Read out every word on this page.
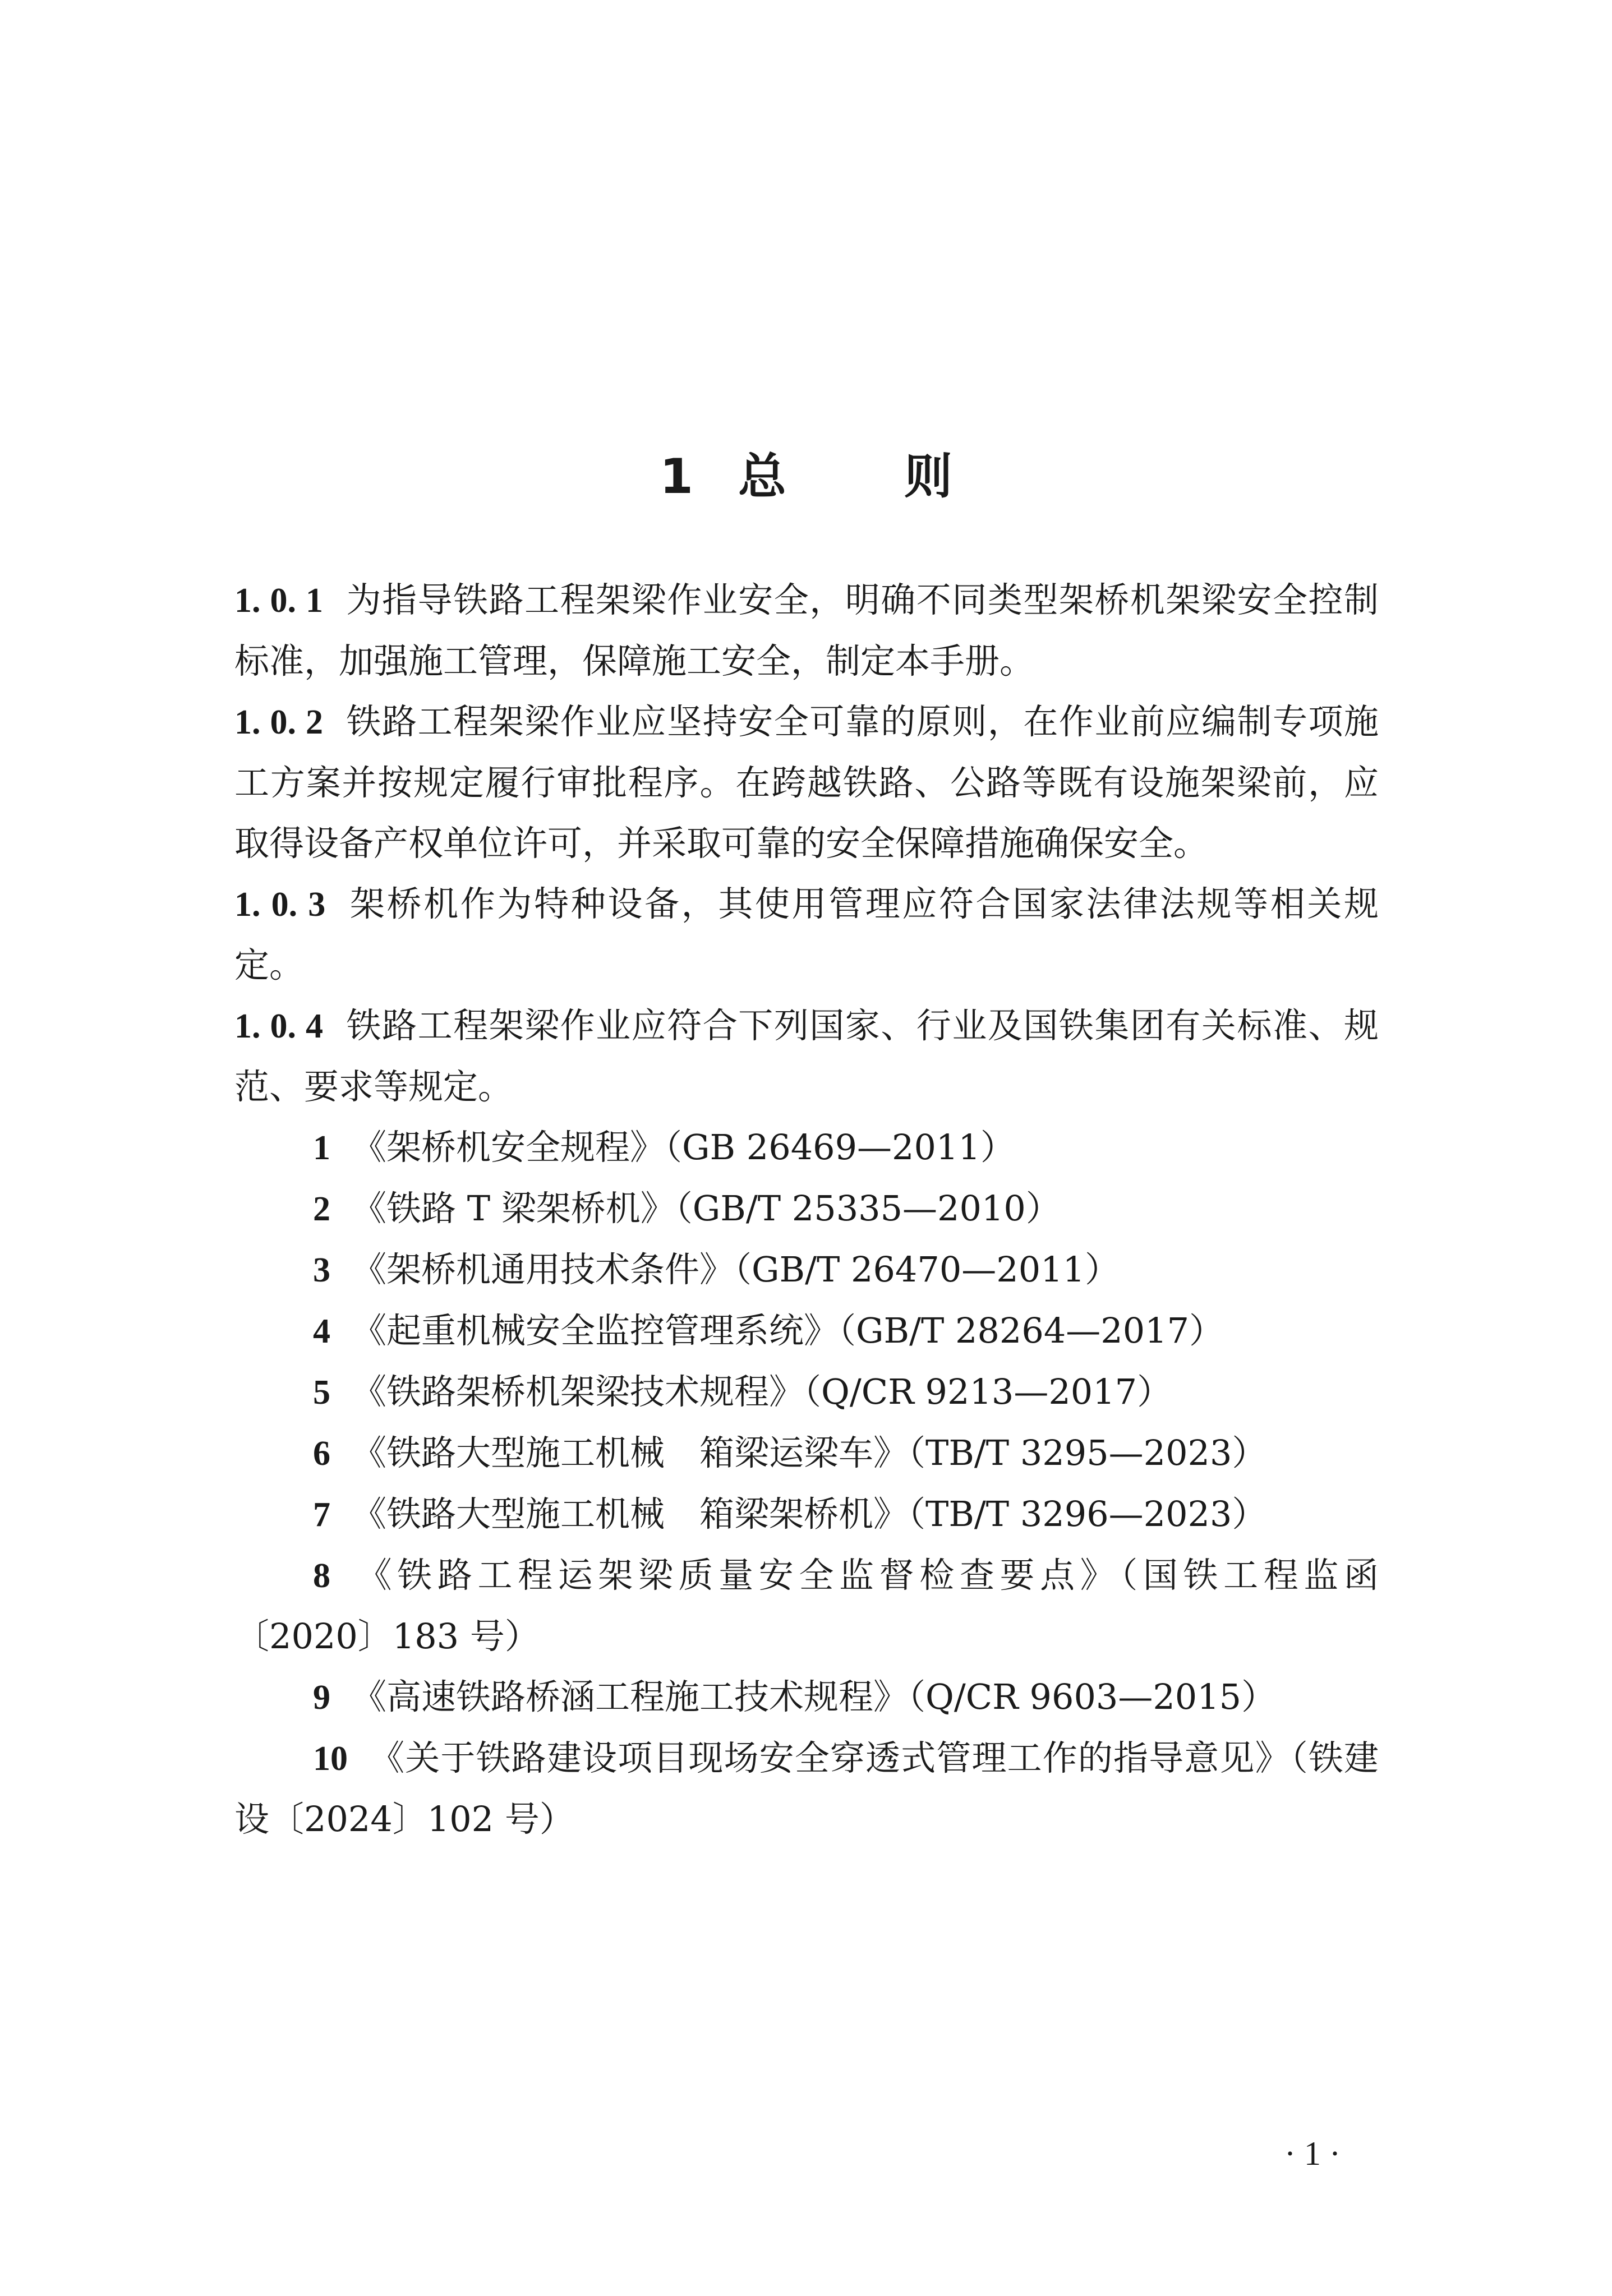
1 总 则

1. 0. 1 为指导铁路工程架梁作业安全，明确不同类型架桥机架梁安全控制标准，加强施工管理，保障施工安全，制定本手册。

1. 0. 2 铁路工程架梁作业应坚持安全可靠的原则，在作业前应编制专项施工方案并按规定履行审批程序。在跨越铁路、公路等既有设施架梁前，应取得设备产权单位许可，并采取可靠的安全保障措施确保安全。

1. 0. 3 架桥机作为特种设备，其使用管理应符合国家法律法规等相关规定。

1. 0. 4 铁路工程架梁作业应符合下列国家、行业及国铁集团有关标准、规范、要求等规定。

1 《架桥机安全规程》（GB 26469—2011）

2 《铁路 T 梁架桥机》（GB/T 25335—2010）

3 《架桥机通用技术条件》（GB/T 26470—2011）

4 《起重机械安全监控管理系统》（GB/T 28264—2017）

5 《铁路架桥机架梁技术规程》（Q/CR 9213—2017）

6 《铁路大型施工机械　箱梁运梁车》（TB/T 3295—2023）

7 《铁路大型施工机械　箱梁架桥机》（TB/T 3296—2023）

8 《铁路工程运架梁质量安全监督检查要点》（国铁工程监函〔2020〕183 号）

9 《高速铁路桥涵工程施工技术规程》（Q/CR 9603—2015）

10 《关于铁路建设项目现场安全穿透式管理工作的指导意见》（铁建设〔2024〕102 号）

· 1 ·
